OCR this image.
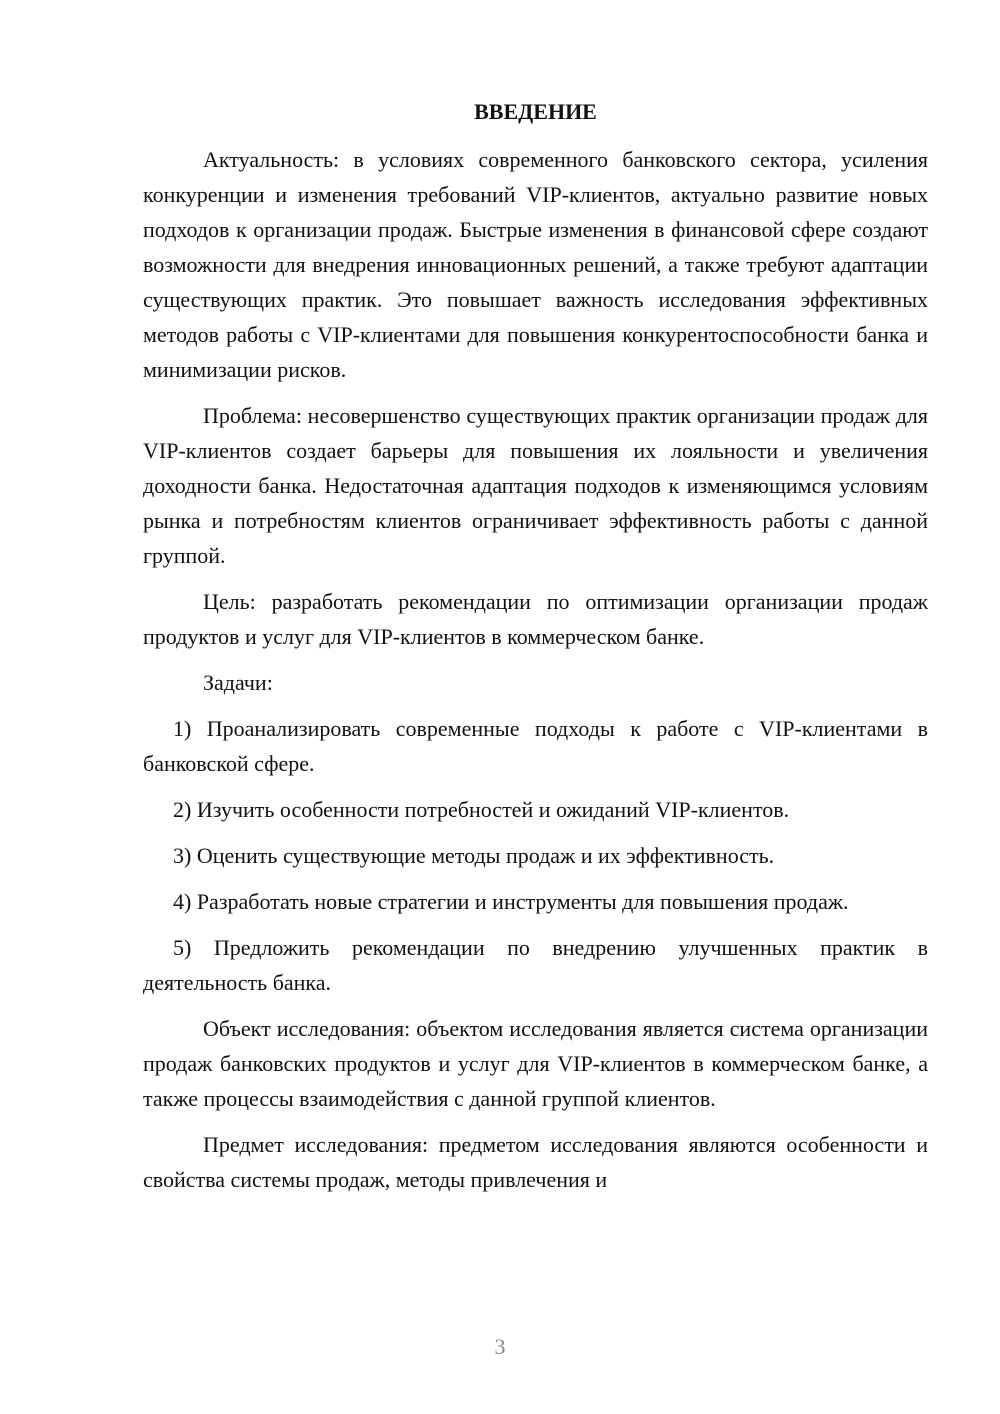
ВВЕДЕНИЕ

Актуальность: в условиях современного банковского сектора, усиления конкуренции и изменения требований VIP-клиентов, актуально развитие новых подходов к организации продаж. Быстрые изменения в финансовой сфере создают возможности для внедрения инновационных решений, а также требуют адаптации существующих практик. Это повышает важность исследования эффективных методов работы с VIP-клиентами для повышения конкурентоспособности банка и минимизации рисков.

Проблема: несовершенство существующих практик организации продаж для VIP-клиентов создает барьеры для повышения их лояльности и увеличения доходности банка. Недостаточная адаптация подходов к изменяющимся условиям рынка и потребностям клиентов ограничивает эффективность работы с данной группой.

Цель: разработать рекомендации по оптимизации организации продаж продуктов и услуг для VIP-клиентов в коммерческом банке.

Задачи:

1) Проанализировать современные подходы к работе с VIP-клиентами в банковской сфере.

2) Изучить особенности потребностей и ожиданий VIP-клиентов.

3) Оценить существующие методы продаж и их эффективность.

4) Разработать новые стратегии и инструменты для повышения продаж.

5) Предложить рекомендации по внедрению улучшенных практик в деятельность банка.

Объект исследования: объектом исследования является система организации продаж банковских продуктов и услуг для VIP-клиентов в коммерческом банке, а также процессы взаимодействия с данной группой клиентов.

Предмет исследования: предметом исследования являются особенности и свойства системы продаж, методы привлечения и

3
